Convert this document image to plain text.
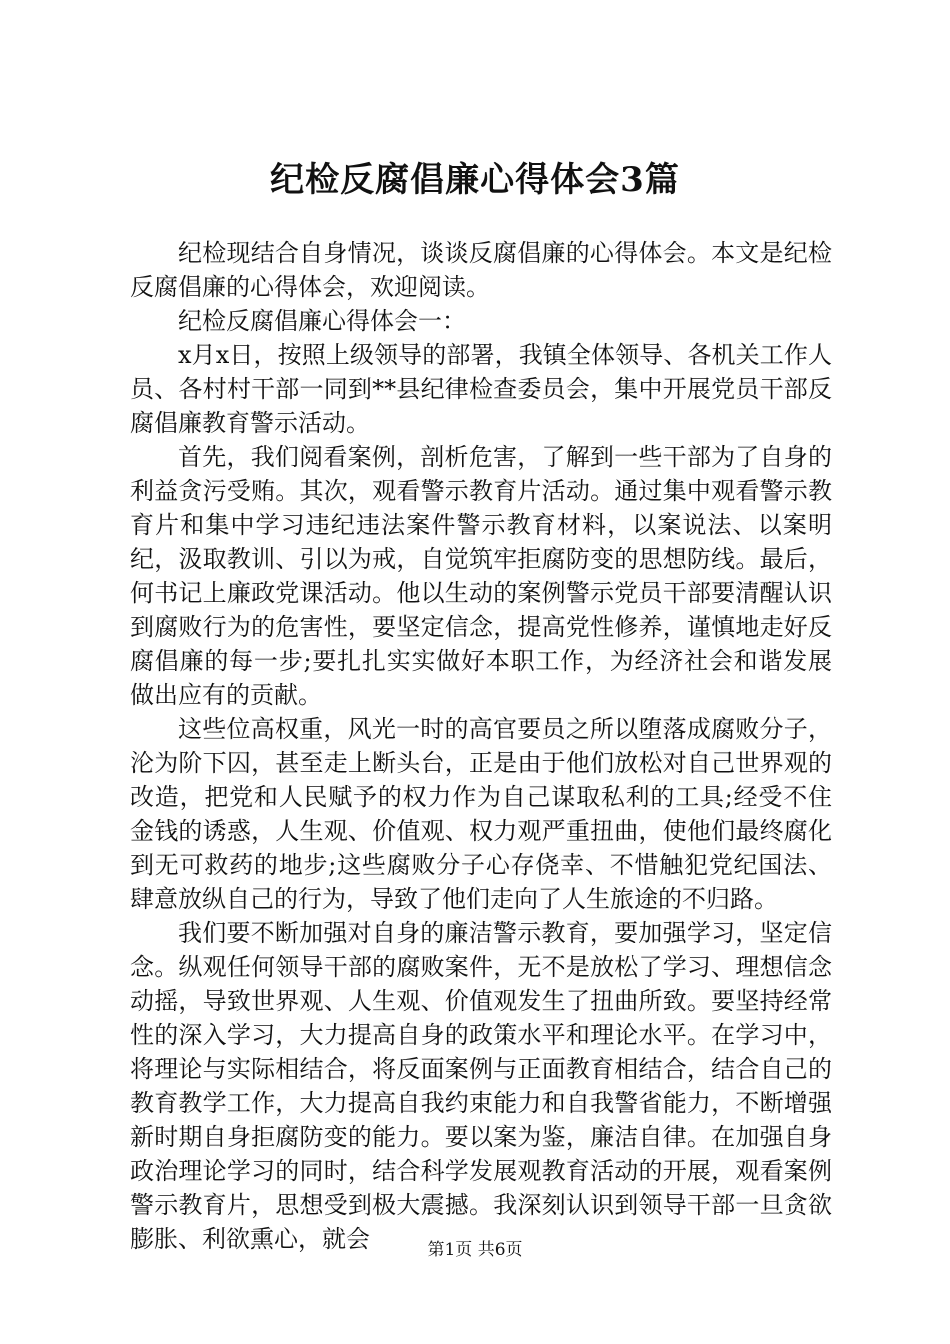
纪检反腐倡廉心得体会3篇

纪检现结合自身情况，谈谈反腐倡廉的心得体会。本文是纪检反腐倡廉的心得体会，欢迎阅读。

纪检反腐倡廉心得体会一：

x月x日，按照上级领导的部署，我镇全体领导、各机关工作人员、各村村干部一同到**县纪律检查委员会，集中开展党员干部反腐倡廉教育警示活动。

首先，我们阅看案例，剖析危害，了解到一些干部为了自身的利益贪污受贿。其次，观看警示教育片活动。通过集中观看警示教育片和集中学习违纪违法案件警示教育材料，以案说法、以案明纪，汲取教训、引以为戒，自觉筑牢拒腐防变的思想防线。最后，何书记上廉政党课活动。他以生动的案例警示党员干部要清醒认识到腐败行为的危害性，要坚定信念，提高党性修养，谨慎地走好反腐倡廉的每一步;要扎扎实实做好本职工作，为经济社会和谐发展做出应有的贡献。

这些位高权重，风光一时的高官要员之所以堕落成腐败分子，沦为阶下囚，甚至走上断头台，正是由于他们放松对自己世界观的改造，把党和人民赋予的权力作为自己谋取私利的工具;经受不住金钱的诱惑，人生观、价值观、权力观严重扭曲，使他们最终腐化到无可救药的地步;这些腐败分子心存侥幸、不惜触犯党纪国法、肆意放纵自己的行为，导致了他们走向了人生旅途的不归路。

我们要不断加强对自身的廉洁警示教育，要加强学习，坚定信念。纵观任何领导干部的腐败案件，无不是放松了学习、理想信念动摇，导致世界观、人生观、价值观发生了扭曲所致。要坚持经常性的深入学习，大力提高自身的政策水平和理论水平。在学习中，将理论与实际相结合，将反面案例与正面教育相结合，结合自己的教育教学工作，大力提高自我约束能力和自我警省能力，不断增强新时期自身拒腐防变的能力。要以案为鉴，廉洁自律。在加强自身政治理论学习的同时，结合科学发展观教育活动的开展，观看案例警示教育片，思想受到极大震撼。我深刻认识到领导干部一旦贪欲膨胀、利欲熏心，就会	第1页 共6页
